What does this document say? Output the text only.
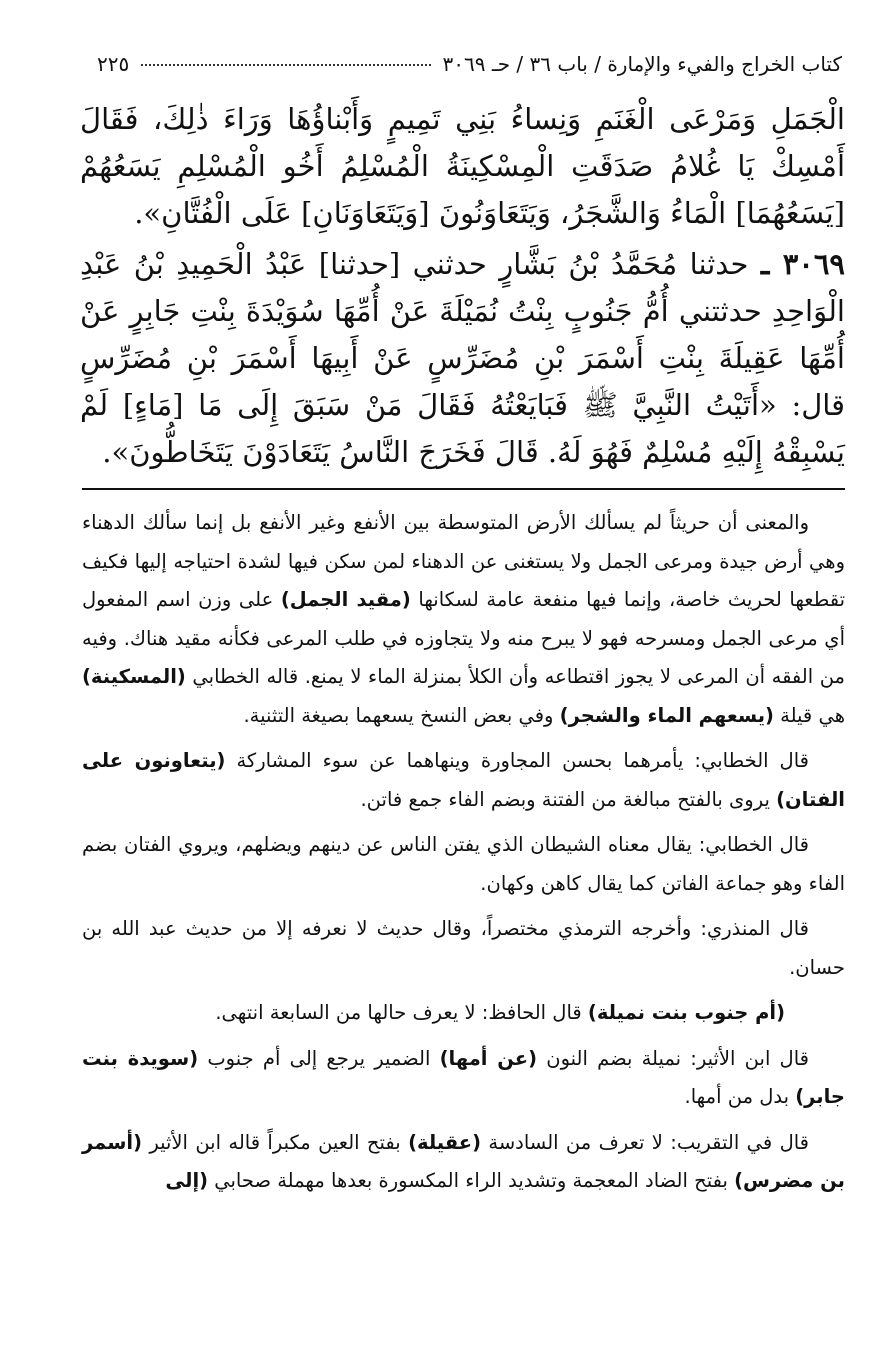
٢٢٥	كتاب الخراج والفيء والإمارة / باب ٣٦ / حـ ٣٠٦٩

الْجَمَلِ وَمَرْعَى الْغَنَمِ وَنِساءُ بَنِي تَمِيمٍ وَأَبْناؤُهَا وَرَاءَ ذٰلِكَ، فَقَالَ أَمْسِكْ يَا غُلامُ صَدَقَتِ الْمِسْكِينَةُ الْمُسْلِمُ أَخُو الْمُسْلِمِ يَسَعُهُمْ [يَسَعُهُمَا] الْمَاءُ وَالشَّجَرُ، وَيَتَعَاوَنُونَ [وَيَتَعَاوَنَانِ] عَلَى الْفُتَّانِ».

٣٠٦٩ ـ حدثنا مُحَمَّدُ بْنُ بَشَّارٍ حدثني [حدثنا] عَبْدُ الْحَمِيدِ بْنُ عَبْدِ الْوَاحِدِ حدثتني أُمُّ جَنُوبٍ بِنْتُ نُمَيْلَةَ عَنْ أُمِّهَا سُوَيْدَةَ بِنْتِ جَابِرٍ عَنْ أُمِّهَا عَقِيلَةَ بِنْتِ أَسْمَرَ بْنِ مُضَرِّسٍ عَنْ أَبِيهَا أَسْمَرَ بْنِ مُضَرِّسٍ قال: «أَتَيْتُ النَّبِيَّ ﷺ فَبَايَعْتُهُ فَقَالَ مَنْ سَبَقَ إِلَى مَا [مَاءٍ] لَمْ يَسْبِقْهُ إِلَيْهِ مُسْلِمٌ فَهُوَ لَهُ. قَالَ فَخَرَجَ النَّاسُ يَتَعَادَوْنَ يَتَخَاطُّونَ».

والمعنى أن حريثاً لم يسألك الأرض المتوسطة بين الأنفع وغير الأنفع بل إنما سألك الدهناء وهي أرض جيدة ومرعى الجمل ولا يستغنى عن الدهناء لمن سكن فيها لشدة احتياجه إليها فكيف تقطعها لحريث خاصة، وإنما فيها منفعة عامة لسكانها (مقيد الجمل) على وزن اسم المفعول أي مرعى الجمل ومسرحه فهو لا يبرح منه ولا يتجاوزه في طلب المرعى فكأنه مقيد هناك. وفيه من الفقه أن المرعى لا يجوز اقتطاعه وأن الكلأ بمنزلة الماء لا يمنع. قاله الخطابي (المسكينة) هي قيلة (يسعهم الماء والشجر) وفي بعض النسخ يسعهما بصيغة التثنية.

قال الخطابي: يأمرهما بحسن المجاورة وينهاهما عن سوء المشاركة (يتعاونون على الفتان) يروى بالفتح مبالغة من الفتنة وبضم الفاء جمع فاتن.

قال الخطابي: يقال معناه الشيطان الذي يفتن الناس عن دينهم ويضلهم، ويروي الفتان بضم الفاء وهو جماعة الفاتن كما يقال كاهن وكهان.

قال المنذري: وأخرجه الترمذي مختصراً، وقال حديث لا نعرفه إلا من حديث عبد الله بن حسان.

(أم جنوب بنت نميلة) قال الحافظ: لا يعرف حالها من السابعة انتهى.

قال ابن الأثير: نميلة بضم النون (عن أمها) الضمير يرجع إلى أم جنوب (سويدة بنت جابر) بدل من أمها.

قال في التقريب: لا تعرف من السادسة (عقيلة) بفتح العين مكبراً قاله ابن الأثير (أسمر بن مضرس) بفتح الضاد المعجمة وتشديد الراء المكسورة بعدها مهملة صحابي (إلى
